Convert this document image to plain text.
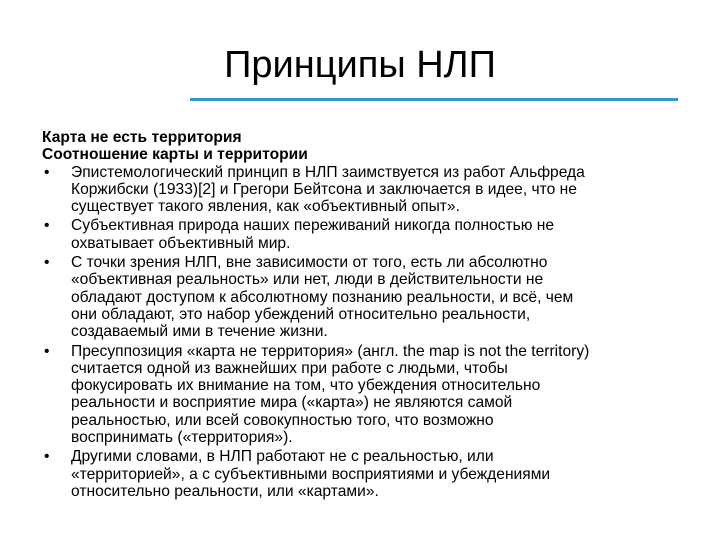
Принципы НЛП
Карта не есть территория
Соотношение карты и территории
• Эпистемологический принцип в НЛП заимствуется из работ Альфреда
Коржибски (1933)[2] и Грегори Бейтсона и заключается в идее, что не
существует такого явления, как «объективный опыт».
• Субъективная природа наших переживаний никогда полностью не
охватывает объективный мир.
• С точки зрения НЛП, вне зависимости от того, есть ли абсолютно
«объективная реальность» или нет, люди в действительности не
обладают доступом к абсолютному познанию реальности, и всё, чем
они обладают, это набор убеждений относительно реальности,
создаваемый ими в течение жизни.
• Пресуппозиция «карта не территория» (англ. the map is not the territory)
считается одной из важнейших при работе с людьми, чтобы
фокусировать их внимание на том, что убеждения относительно
реальности и восприятие мира («карта») не являются самой
реальностью, или всей совокупностью того, что возможно
воспринимать («территория»).
• Другими словами, в НЛП работают не с реальностью, или
«территорией», а с субъективными восприятиями и убеждениями
относительно реальности, или «картами».
